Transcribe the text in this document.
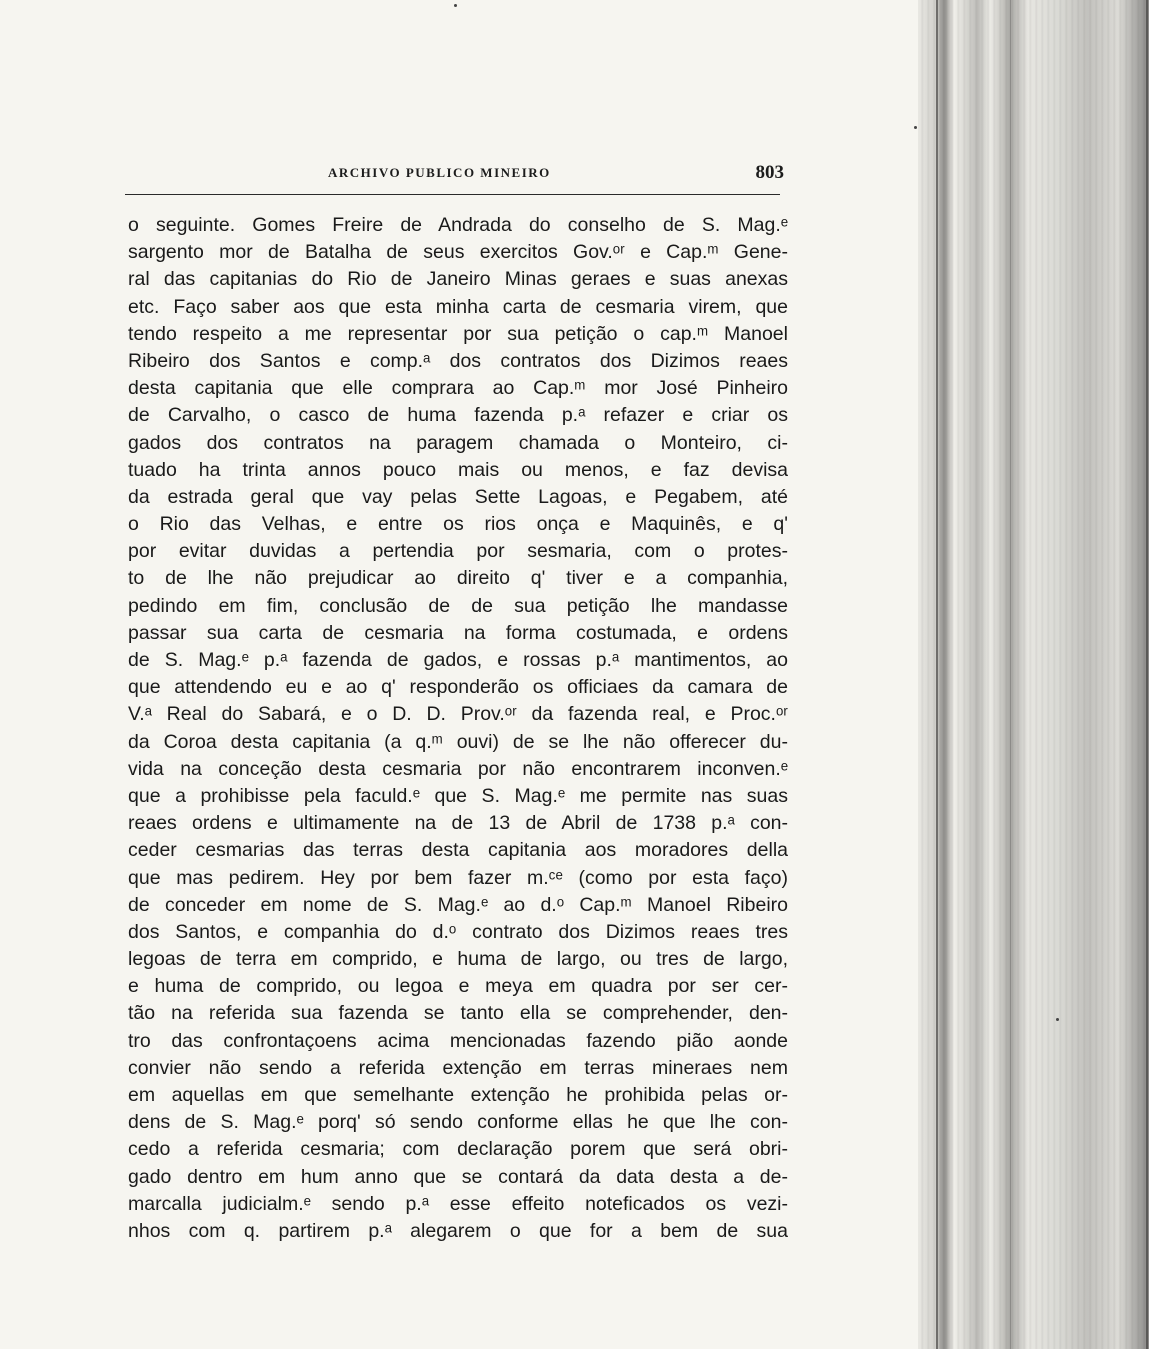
ARCHIVO PUBLICO MINEIRO	803
o seguinte. Gomes Freire de Andrada do conselho de S. Mag.ᵉ
sargento mor de Batalha de seus exercitos Gov.ᵒʳ e Cap.ᵐ Gene-
ral das capitanias do Rio de Janeiro Minas geraes e suas anexas
etc. Faço saber aos que esta minha carta de cesmaria virem, que
tendo respeito a me representar por sua petição o cap.ᵐ Manoel
Ribeiro dos Santos e comp.ᵃ dos contratos dos Dizimos reaes
desta capitania que elle comprara ao Cap.ᵐ mor José Pinheiro
de Carvalho, o casco de huma fazenda p.ᵃ refazer e criar os
gados dos contratos na paragem chamada o Monteiro, ci-
tuado ha trinta annos pouco mais ou menos, e faz devisa
da estrada geral que vay pelas Sette Lagoas, e Pegabem, até
o Rio das Velhas, e entre os rios onça e Maquinês, e q'
por evitar duvidas a pertendia por sesmaria, com o protes-
to de lhe não prejudicar ao direito q' tiver e a companhia,
pedindo em fim, conclusão de de sua petição lhe mandasse
passar sua carta de cesmaria na forma costumada, e ordens
de S. Mag.ᵉ p.ᵃ fazenda de gados, e rossas p.ᵃ mantimentos, ao
que attendendo eu e ao q' responderão os officiaes da camara de
V.ᵃ Real do Sabará, e o D. D. Prov.ᵒʳ da fazenda real, e Proc.ᵒʳ
da Coroa desta capitania (a q.ᵐ ouvi) de se lhe não offerecer du-
vida na conceção desta cesmaria por não encontrarem inconven.ᵉ
que a prohibisse pela faculd.ᵉ que S. Mag.ᵉ me permite nas suas
reaes ordens e ultimamente na de 13 de Abril de 1738 p.ᵃ con-
ceder cesmarias das terras desta capitania aos moradores della
que mas pedirem. Hey por bem fazer m.ᶜᵉ (como por esta faço)
de conceder em nome de S. Mag.ᵉ ao d.ᵒ Cap.ᵐ Manoel Ribeiro
dos Santos, e companhia do d.ᵒ contrato dos Dizimos reaes tres
legoas de terra em comprido, e huma de largo, ou tres de largo,
e huma de comprido, ou legoa e meya em quadra por ser cer-
tão na referida sua fazenda se tanto ella se comprehender, den-
tro das confrontaçoens acima mencionadas fazendo pião aonde
convier não sendo a referida extenção em terras mineraes nem
em aquellas em que semelhante extenção he prohibida pelas or-
dens de S. Mag.ᵉ porq' só sendo conforme ellas he que lhe con-
cedo a referida cesmaria; com declaração porem que será obri-
gado dentro em hum anno que se contará da data desta a de-
marcalla judicialm.ᵉ sendo p.ᵃ esse effeito noteficados os vezi-
nhos com q. partirem p.ᵃ alegarem o que for a bem de sua
